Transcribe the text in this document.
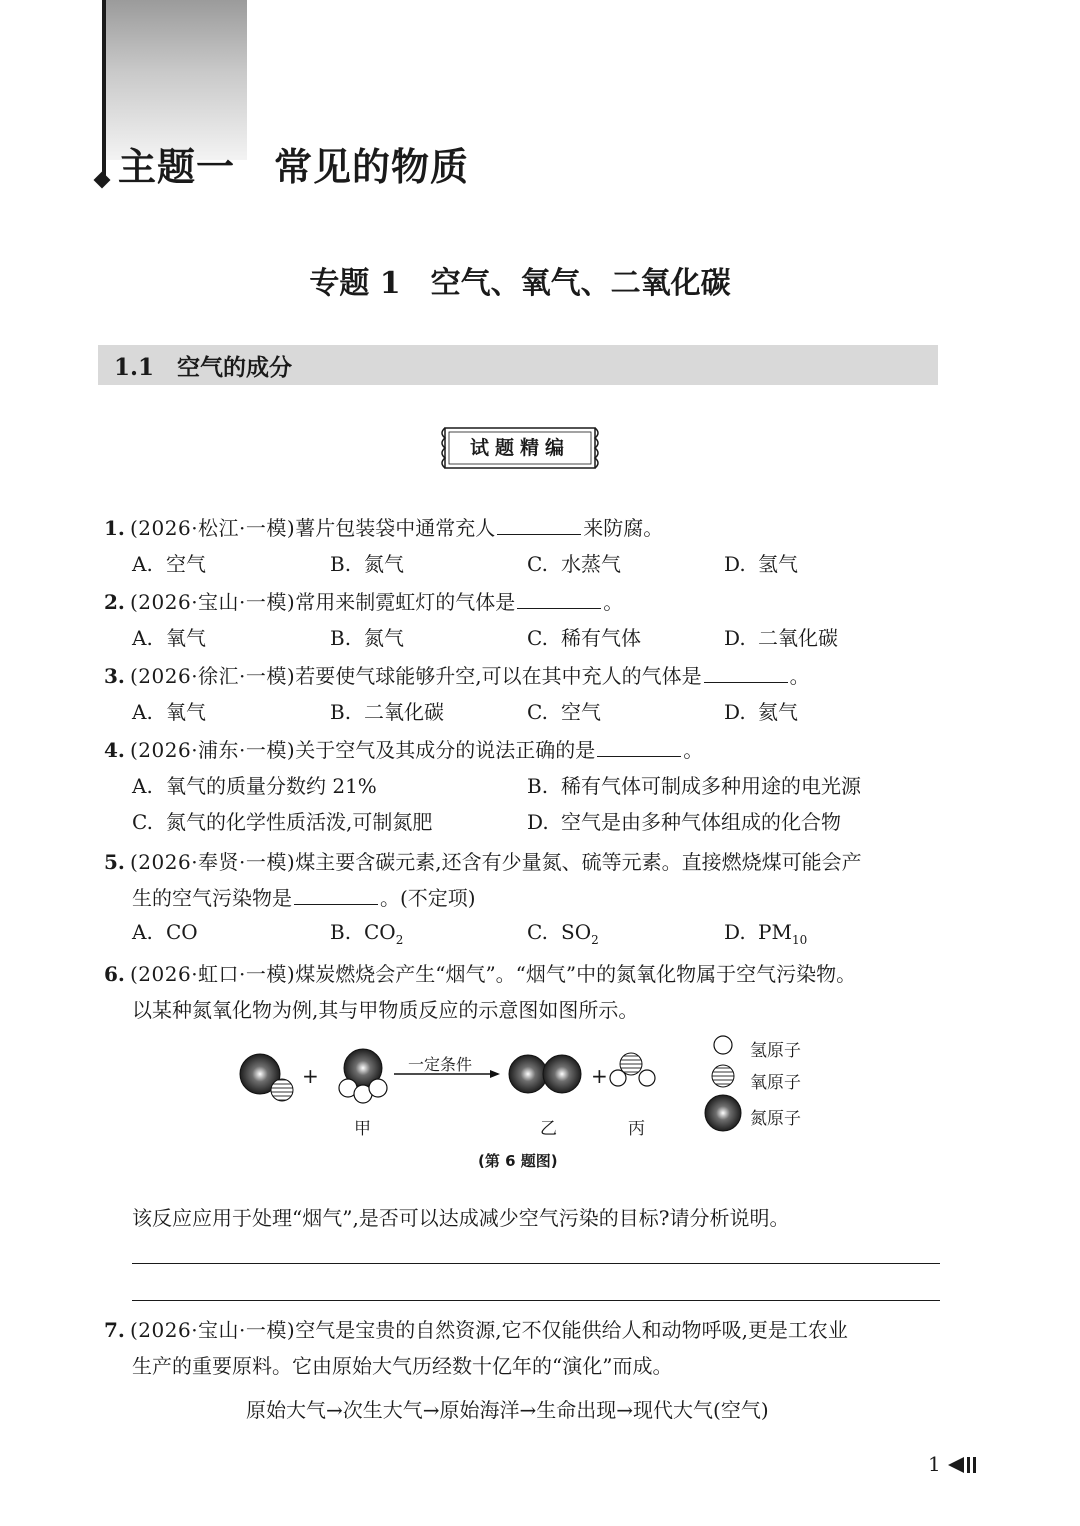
主题一　常见的物质
专题 1　空气、氧气、二氧化碳
1.1　空气的成分
试题精编
1. (2026·松江·一模)薯片包装袋中通常充人	来防腐。
A. 空气	B. 氮气	C. 水蒸气	D. 氢气
2. (2026·宝山·一模)常用来制霓虹灯的气体是	。
A. 氧气	B. 氮气	C. 稀有气体	D. 二氧化碳
3. (2026·徐汇·一模)若要使气球能够升空,可以在其中充人的气体是	。
A. 氧气	B. 二氧化碳	C. 空气	D. 氦气
4. (2026·浦东·一模)关于空气及其成分的说法正确的是	。
A. 氧气的质量分数约 21%	B. 稀有气体可制成多种用途的电光源
C. 氮气的化学性质活泼,可制氮肥	D. 空气是由多种气体组成的化合物
5. (2026·奉贤·一模)煤主要含碳元素,还含有少量氮、硫等元素。直接燃烧煤可能会产
生的空气污染物是	。(不定项)
A. CO	B. $CO_2$	C. $SO_2$	D. $PM_{10}$
6. (2026·虹口·一模)煤炭燃烧会产生“烟气”。“烟气”中的氮氧化物属于空气污染物。
以某种氮氧化物为例,其与甲物质反应的示意图如图所示。
+	+
一定条件
甲	乙	丙
氢原子
氧原子
氮原子
(第 6 题图)
该反应应用于处理“烟气”,是否可以达成减少空气污染的目标?请分析说明。
7. (2026·宝山·一模)空气是宝贵的自然资源,它不仅能供给人和动物呼吸,更是工农业
生产的重要原料。它由原始大气历经数十亿年的“演化”而成。
原始大气→次生大气→原始海洋→生命出现→现代大气(空气)
1
